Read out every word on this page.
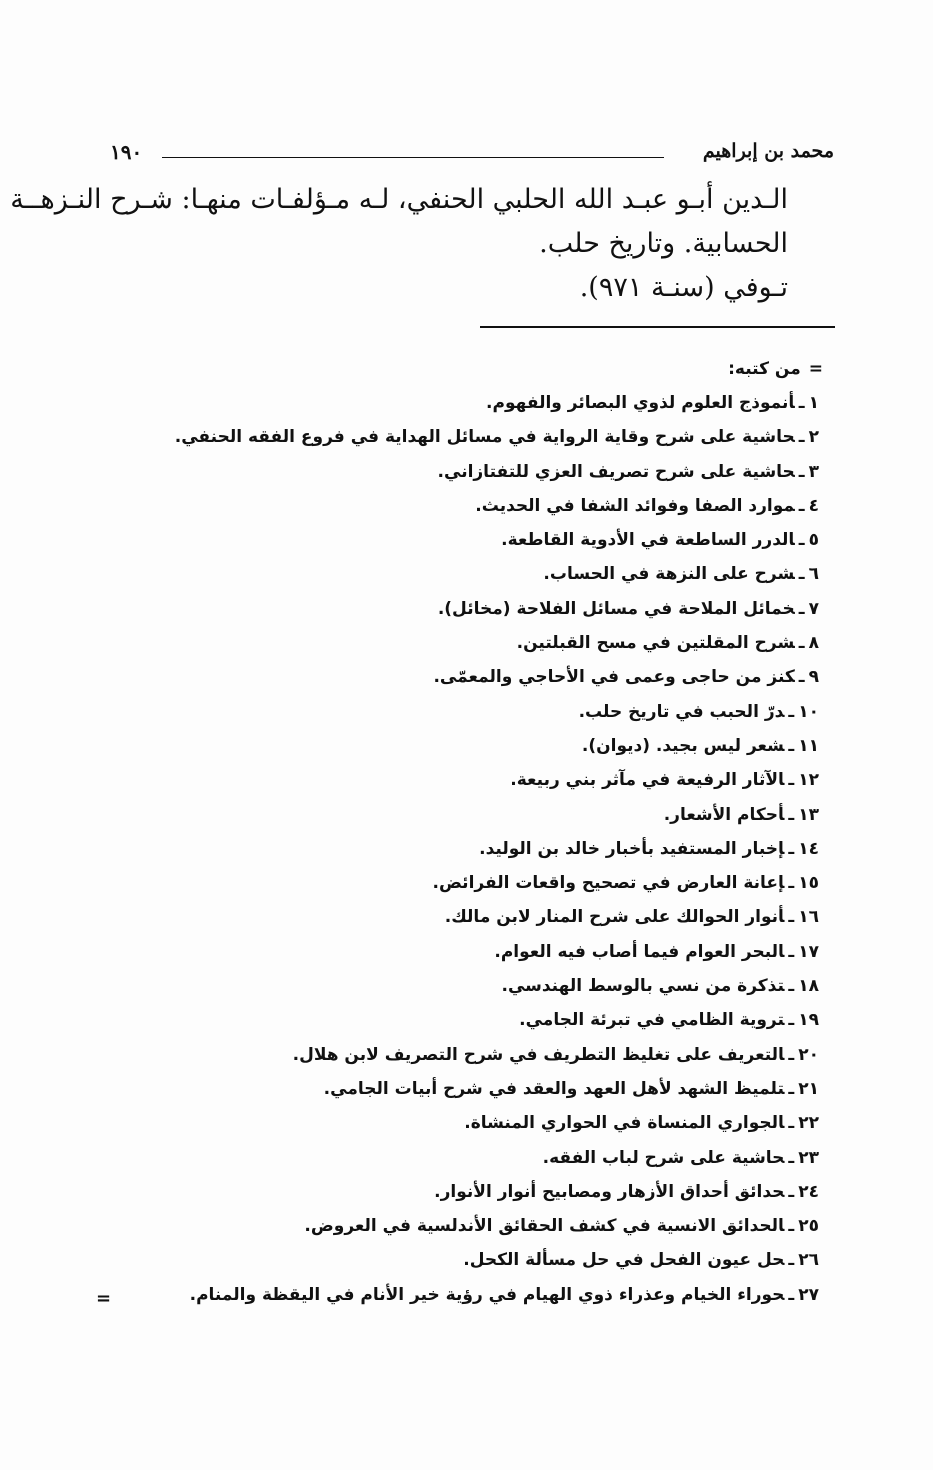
محمد بن إبراهيم
١٩٠
الـدين أبـو عبـد الله الحلبي الحنفي، لـه مـؤلفـات منهـا: شـرح النـزهــة
الحسابية. وتاريخ حلب.
تـوفي (سنـة ٩٧١).
=من كتبه:
١ـأنموذج العلوم لذوي البصائر والفهوم.
٢ـحاشية على شرح وقاية الرواية في مسائل الهداية في فروع الفقه الحنفي.
٣ـحاشية على شرح تصريف العزي للتفتازاني.
٤ـموارد الصفا وفوائد الشفا في الحديث.
٥ـالدرر الساطعة في الأدوية القاطعة.
٦ـشرح على النزهة في الحساب.
٧ـخمائل الملاحة في مسائل الفلاحة (مخائل).
٨ـشرح المقلتين في مسح القبلتين.
٩ـكنز من حاجى وعمى في الأحاجي والمعمّى.
١٠ـدرّ الحبب في تاريخ حلب.
١١ـشعر ليس بجيد. (ديوان).
١٢ـالآثار الرفيعة في مآثر بني ربيعة.
١٣ـأحكام الأشعار.
١٤ـإخبار المستفيد بأخبار خالد بن الوليد.
١٥ـإعانة العارض في تصحيح واقعات الفرائض.
١٦ـأنوار الحوالك على شرح المنار لابن مالك.
١٧ـالبحر العوام فيما أصاب فيه العوام.
١٨ـتذكرة من نسي بالوسط الهندسي.
١٩ـتروية الظامي في تبرئة الجامي.
٢٠ـالتعريف على تغليظ التطريف في شرح التصريف لابن هلال.
٢١ـتلميظ الشهد لأهل العهد والعقد في شرح أبيات الجامي.
٢٢ـالجواري المنساة في الحواري المنشاة.
٢٣ـحاشية على شرح لباب الفقه.
٢٤ـحدائق أحداق الأزهار ومصابيح أنوار الأنوار.
٢٥ـالحدائق الانسية في كشف الحقائق الأندلسية في العروض.
٢٦ـحل عيون الفحل في حل مسألة الكحل.
٢٧ـحوراء الخيام وعذراء ذوي الهيام في رؤية خير الأنام في اليقظة والمنام.
=
